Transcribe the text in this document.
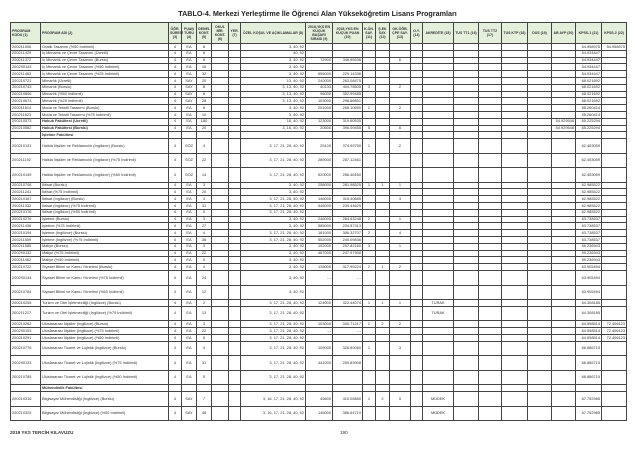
TABLO-4. Merkezi Yerleştirme İle Öğrenci Alan Yükseköğretim Lisans Programları
PROGRAM KODU (1)	PROGRAM ADI (2)	ÖĞR. SÜRESİ (3)	PUAN TÜRÜ (4)	GENEL KONT. (5)	OKUL BİR. KONT. (6)	YER. (7)	ÖZEL KOŞUL VE AÇIKLAMALAR (8)	2018-YKS EN KÜÇÜK BAŞARI SIRASI (9)	2018-YKS EN KÜÇÜK PUAN (10)	K.ÖN. SAY. (11)	Ş.EK SAY. (12)	OK.ÖĞB. ÇPE SAY. (13)	G.Y. (14)	AKREDİTE (15)	TUS TT1 (16)	TUS TT2 (17)	TUS KTP (18)	DUS (19)	AB AYP (20)	KPSS-1 (21)	KPSS-2 (22)
200211506	Grafik Tasarımı (%50 İndirimli)	4	EA	8			3, 40, 92													54.958975	54.958975
200211429	İç Mimarlık ve Çevre Tasarımı (Ücretli)	4	EA	8			40, 92													54.934447	
200211372	İç Mimarlık ve Çevre Tasarımı (Burslu)	4	EA	8			3, 40, 92	72900	346.95536			6								54.934447	
200290143	İç Mimarlık ve Çevre Tasarımı (%50 İndirimli)	4	EA	16			3, 40, 92													54.934447	
200211463	İç Mimarlık ve Çevre Tasarımı (%25 İndirimli)	4	EA	32			3, 40, 92	656000	229.14336											54.934447	
200210721	Mimarlık (Ücretli)	4	SAY	20			13, 40, 92	240000	263.08475											68.021692	
200210743	Mimarlık (Burslu)	4	SAY	8			3, 13, 40, 92	40133	404.78605	3		2								68.021692	
200210806	Mimarlık (%50 İndirimli)	4	SAY	8			3, 13, 40, 92	96000	352.99485											68.021692	
200210673	Mimarlık (%25 İndirimli)	4	SAY	28			3, 13, 40, 92	103000	298.66851											68.021692	
200211614	Moda ve Tekstil Tasarımı (Burslu)	4	EA	8			3, 40, 92	251000	268.10690	1		2								55.260414	
200211623	Moda ve Tekstil Tasarımı (%75 İndirimli)	4	EA	10			3, 40, 92													55.260414	
200210573	Hukuk Fakültesi (Ücretli)	4	EA	180			16, 40, 92	123000	310.60535										54.929548	65.225294	
200210582	Hukuk Fakültesi (Burslu)	4	EA	20			3, 16, 40, 92	20600	396.09455	5		6							54.929548	65.225294	
	İşletme Fakültesi																				
200210131	Halkla İlişkiler ve Reklamcılık (İngilizce) (Burslu)	4	SÖZ	4			3, 17, 21, 28, 40, 92	25100	374.99750	1		2								62.453059	
200211192	Halkla İlişkiler ve Reklamcılık (İngilizce) (%75 İndirimli)	4	SÖZ	22			3, 17, 21, 28, 40, 92	289000	287.12461											62.453059	
200210149	Halkla İlişkiler ve Reklamcılık (İngilizce) (%50 İndirimli)	4	SÖZ	14			3, 17, 21, 28, 40, 92	520000	256.46160											62.453059	
200210708	İktisat (Burslu)	4	EA	3			3, 40, 92	258000	281.98525	1	1	1								62.985522	
200211241	İktisat (%75 İndirimli)	4	EA	20			3, 40, 92													62.985522	
200210167	İktisat (İngilizce) (Burslu)	4	EA	4			3, 17, 21, 28, 40, 92	146000	315.40685			3								62.985522	
200211332	İktisat (İngilizce) (%75 İndirimli)	4	EA	31			3, 17, 21, 28, 40, 92	546000	230.44625											62.985522	
200210176	İktisat (İngilizce) (%50 İndirimli)	4	EA	5			3, 17, 21, 28, 40, 92													62.985522	
200210276	İşletme (Burslu)	4	EA	3			3, 40, 92	246000	284.63248	2		1								63.738537	
200211436	İşletme (%75 İndirimli)	4	EA	27			3, 40, 92	585000	234.57313											63.738537	
200210194	İşletme (İngilizce) (Burslu)	4	EA	4			3, 17, 21, 28, 40, 92	161000	306.32707	2		4								63.738537	
200211559	İşletme (İngilizce) (%75 İndirimli)	4	EA	36			3, 17, 21, 28, 40, 92	552000	240.09836											63.738537	
200211585	Maliye (Burslu)	4	EA	3			3, 40, 92	192000	297.82160	3		1								59.236943	
200290132	Maliye (%75 İndirimli)	4	EA	22			3, 40, 92	467000	247.97908											59.236943	
200211462	Maliye (%50 İndirimli)	4	EA	5			3, 40, 92													59.236943	
200210722	Siyaset Bilimi ve Kamu Yönetimi (Burslu)	4	EA	4			3, 40, 92	135000	317.95224	2	1	2								63.905494	
200290144	Siyaset Bilimi ve Kamu Yönetimi (%75 İndirimli)	4	EA	24			3, 40, 92	---	---											63.905494	
200210784	Siyaset Bilimi ve Kamu Yönetimi (%50 İndirimli)	4	EA	12			3, 40, 92													63.905494	
200210255	Turizm ve Otel İşletmeciliği (İngilizce) (Burslu)	4	EA	2			3, 17, 21, 28, 40, 92	124000	322.44074	1	1	1		TURAK						64.308185	
200211217	Turizm ve Otel İşletmeciliği (İngilizce) (%75 İndirimli)	4	EA	13			3, 17, 21, 28, 40, 92							TURAK						64.308185	
200210262	Uluslararası İlişkiler (İngilizce) (Burslu)	4	EA	3			3, 17, 21, 28, 40, 92	103000	330.71217	1	2	2								64.598514	72.406123
200290153	Uluslararası İlişkiler (İngilizce) (%75 İndirimli)	4	EA	22			3, 17, 21, 28, 40, 92	---	---											64.598514	72.406123
200210291	Uluslararası İlişkiler (İngilizce) (%50 İndirimli)	4	EA	5			3, 17, 21, 28, 40, 92													64.598514	72.406123
200210776	Uluslararası Ticaret ve Lojistik (İngilizce) (Burslu)	4	EA	4			3, 17, 21, 28, 40, 92	109000	326.89060	1		3								66.886715	
200290133	Uluslararası Ticaret ve Lojistik (İngilizce) (%75 İndirimli)	4	EA	31			3, 17, 21, 28, 40, 92	441000	250.83908											66.886715	
200210785	Uluslararası Ticaret ve Lojistik (İngilizce) (%50 İndirimli)	4	EA	5			3, 17, 21, 28, 40, 92													66.886715	
	Mühendislik Fakültesi																				
200210316	Bilgisayar Mühendisliği (İngilizce) (Burslu)	4	SAY	7			3, 16, 17, 21, 28, 40, 92	45600	410.05850	1	2	5		MÜDEK						67.752985	
200210325	Bilgisayar Mühendisliği (İngilizce) (%50 İndirimli)	4	SAY	48			3, 16, 17, 21, 28, 40, 92	146000	366.64710					MÜDEK						67.752985	
2019 YKS TERCİH KILAVUZU	190
